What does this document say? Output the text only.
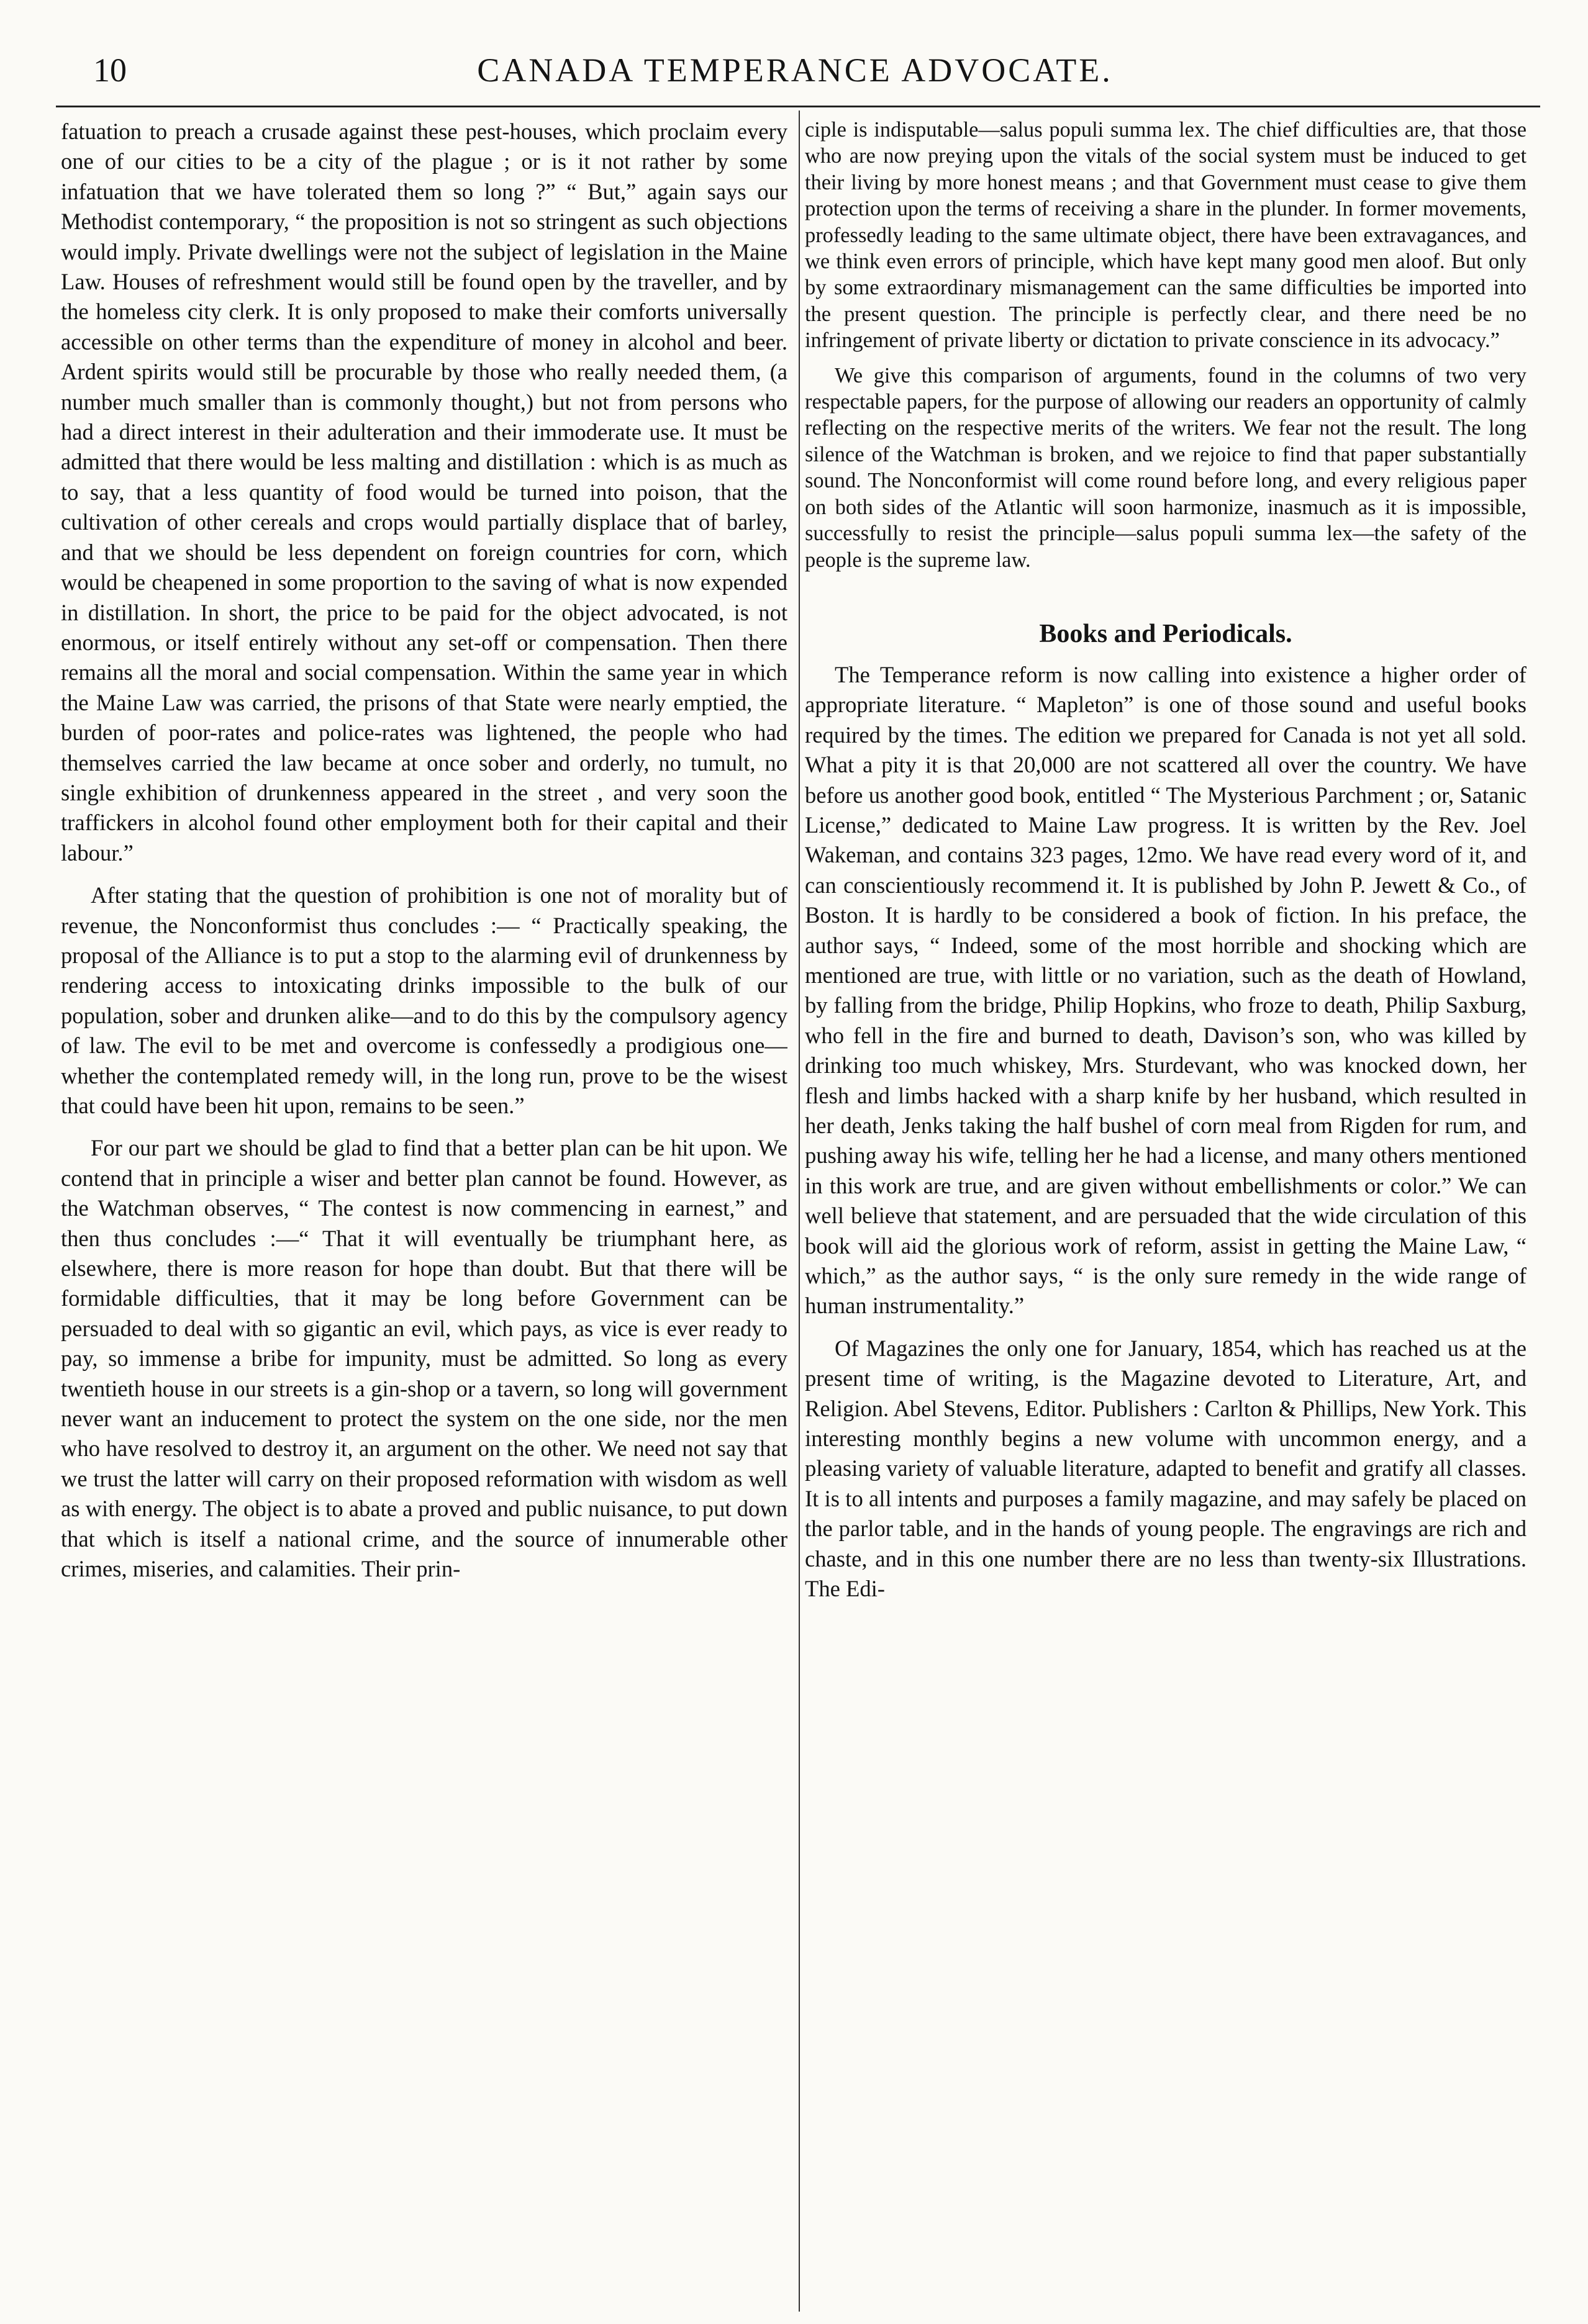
10	CANADA TEMPERANCE ADVOCATE.

fatuation to preach a crusade against these pest-houses, which proclaim every one of our cities to be a city of the plague ; or is it not rather by some infatuation that we have tolerated them so long ?” “ But,” again says our Methodist contemporary, “ the proposition is not so stringent as such objections would imply. Private dwellings were not the subject of legislation in the Maine Law. Houses of refreshment would still be found open by the traveller, and by the homeless city clerk. It is only proposed to make their comforts universally accessible on other terms than the expenditure of money in alcohol and beer. Ardent spirits would still be procurable by those who really needed them, (a number much smaller than is commonly thought,) but not from persons who had a direct interest in their adulteration and their immoderate use. It must be admitted that there would be less malting and distillation : which is as much as to say, that a less quantity of food would be turned into poison, that the cultivation of other cereals and crops would partially displace that of barley, and that we should be less dependent on foreign countries for corn, which would be cheapened in some proportion to the saving of what is now expended in distillation. In short, the price to be paid for the object advocated, is not enormous, or itself entirely without any set-off or compensation. Then there remains all the moral and social compensation. Within the same year in which the Maine Law was carried, the prisons of that State were nearly emptied, the burden of poor-rates and police-rates was lightened, the people who had themselves carried the law became at once sober and orderly, no tumult, no single exhibition of drunkenness appeared in the street , and very soon the traffickers in alcohol found other employment both for their capital and their labour.”

After stating that the question of prohibition is one not of morality but of revenue, the Nonconformist thus concludes :— “ Practically speaking, the proposal of the Alliance is to put a stop to the alarming evil of drunkenness by rendering access to intoxicating drinks impossible to the bulk of our population, sober and drunken alike—and to do this by the compulsory agency of law. The evil to be met and overcome is confessedly a prodigious one—whether the contemplated remedy will, in the long run, prove to be the wisest that could have been hit upon, remains to be seen.”

For our part we should be glad to find that a better plan can be hit upon. We contend that in principle a wiser and better plan cannot be found. However, as the Watchman observes, “ The contest is now commencing in earnest,” and then thus concludes :—“ That it will eventually be triumphant here, as elsewhere, there is more reason for hope than doubt. But that there will be formidable difficulties, that it may be long before Government can be persuaded to deal with so gigantic an evil, which pays, as vice is ever ready to pay, so immense a bribe for impunity, must be admitted. So long as every twentieth house in our streets is a gin-shop or a tavern, so long will government never want an inducement to protect the system on the one side, nor the men who have resolved to destroy it, an argument on the other. We need not say that we trust the latter will carry on their proposed reformation with wisdom as well as with energy. The object is to abate a proved and public nuisance, to put down that which is itself a national crime, and the source of innumerable other crimes, miseries, and calamities. Their prin-

ciple is indisputable—salus populi summa lex. The chief difficulties are, that those who are now preying upon the vitals of the social system must be induced to get their living by more honest means ; and that Government must cease to give them protection upon the terms of receiving a share in the plunder. In former movements, professedly leading to the same ultimate object, there have been extravagances, and we think even errors of principle, which have kept many good men aloof. But only by some extraordinary mismanagement can the same difficulties be imported into the present question. The principle is perfectly clear, and there need be no infringement of private liberty or dictation to private conscience in its advocacy.”

We give this comparison of arguments, found in the columns of two very respectable papers, for the purpose of allowing our readers an opportunity of calmly reflecting on the respective merits of the writers. We fear not the result. The long silence of the Watchman is broken, and we rejoice to find that paper substantially sound. The Nonconformist will come round before long, and every religious paper on both sides of the Atlantic will soon harmonize, inasmuch as it is impossible, successfully to resist the principle—salus populi summa lex—the safety of the people is the supreme law.

Books and Periodicals.

The Temperance reform is now calling into existence a higher order of appropriate literature. “ Mapleton” is one of those sound and useful books required by the times. The edition we prepared for Canada is not yet all sold. What a pity it is that 20,000 are not scattered all over the country. We have before us another good book, entitled “ The Mysterious Parchment ; or, Satanic License,” dedicated to Maine Law progress. It is written by the Rev. Joel Wakeman, and contains 323 pages, 12mo. We have read every word of it, and can conscientiously recommend it. It is published by John P. Jewett & Co., of Boston. It is hardly to be considered a book of fiction. In his preface, the author says, “ Indeed, some of the most horrible and shocking which are mentioned are true, with little or no variation, such as the death of Howland, by falling from the bridge, Philip Hopkins, who froze to death, Philip Saxburg, who fell in the fire and burned to death, Davison’s son, who was killed by drinking too much whiskey, Mrs. Sturdevant, who was knocked down, her flesh and limbs hacked with a sharp knife by her husband, which resulted in her death, Jenks taking the half bushel of corn meal from Rigden for rum, and pushing away his wife, telling her he had a license, and many others mentioned in this work are true, and are given without embellishments or color.” We can well believe that statement, and are persuaded that the wide circulation of this book will aid the glorious work of reform, assist in getting the Maine Law, “ which,” as the author says, “ is the only sure remedy in the wide range of human instrumentality.”

Of Magazines the only one for January, 1854, which has reached us at the present time of writing, is the Magazine devoted to Literature, Art, and Religion. Abel Stevens, Editor. Publishers : Carlton & Phillips, New York. This interesting monthly begins a new volume with uncommon energy, and a pleasing variety of valuable literature, adapted to benefit and gratify all classes. It is to all intents and purposes a family magazine, and may safely be placed on the parlor table, and in the hands of young people. The engravings are rich and chaste, and in this one number there are no less than twenty-six Illustrations. The Edi-
